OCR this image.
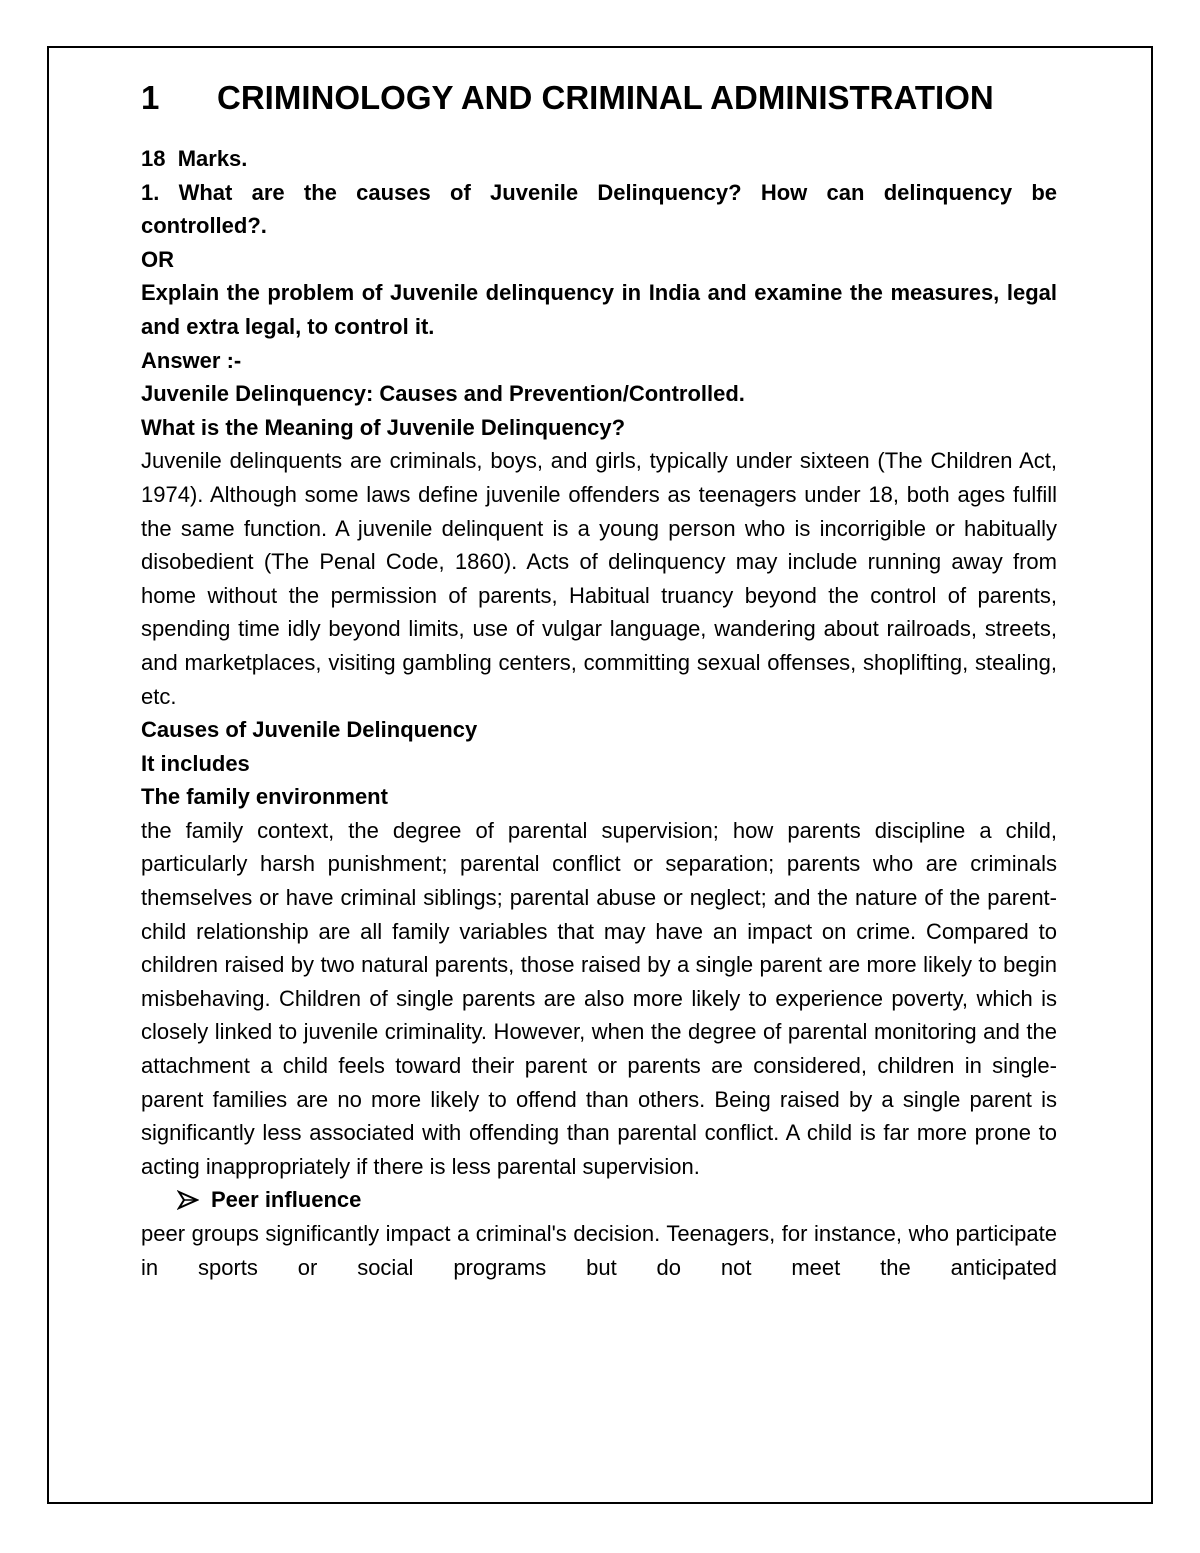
1	CRIMINOLOGY AND CRIMINAL ADMINISTRATION

18  Marks.

1.  What  are  the  causes  of  Juvenile  Delinquency?  How  can  delinquency  be controlled?.

OR

Explain the problem of Juvenile delinquency in India and examine the measures, legal and extra legal, to control it.

Answer :-

Juvenile Delinquency: Causes and Prevention/Controlled.

What is the Meaning of Juvenile Delinquency?

Juvenile delinquents are criminals, boys, and girls, typically under sixteen (The Children Act, 1974). Although some laws define juvenile offenders as teenagers under 18, both ages fulfill the same function. A juvenile delinquent is a young person who is incorrigible or habitually disobedient (The Penal Code, 1860). Acts of delinquency may include running away from home without the permission of parents, Habitual truancy beyond the control of parents, spending time idly beyond limits, use of vulgar language, wandering about railroads, streets, and marketplaces, visiting gambling centers, committing sexual offenses, shoplifting, stealing, etc.

Causes of Juvenile Delinquency

It includes

The family environment

the family context, the degree of parental supervision; how parents discipline a child, particularly harsh punishment; parental conflict or separation; parents who are criminals themselves or have criminal siblings; parental abuse or neglect; and the nature of the parent-child relationship are all family variables that may have an impact on crime. Compared to children raised by two natural parents, those raised by a single parent are more likely to begin misbehaving. Children of single parents are also more likely to experience poverty, which is closely linked to juvenile criminality. However, when the degree of parental monitoring and the attachment a child feels toward their parent or parents are considered, children in single-parent families are no more likely to offend than others. Being raised by a single parent is significantly less associated with offending than parental conflict. A child is far more prone to acting inappropriately if there is less parental supervision.

Peer influence

peer groups significantly impact a criminal's decision. Teenagers, for instance, who participate in sports or social programs but do not meet the anticipated
